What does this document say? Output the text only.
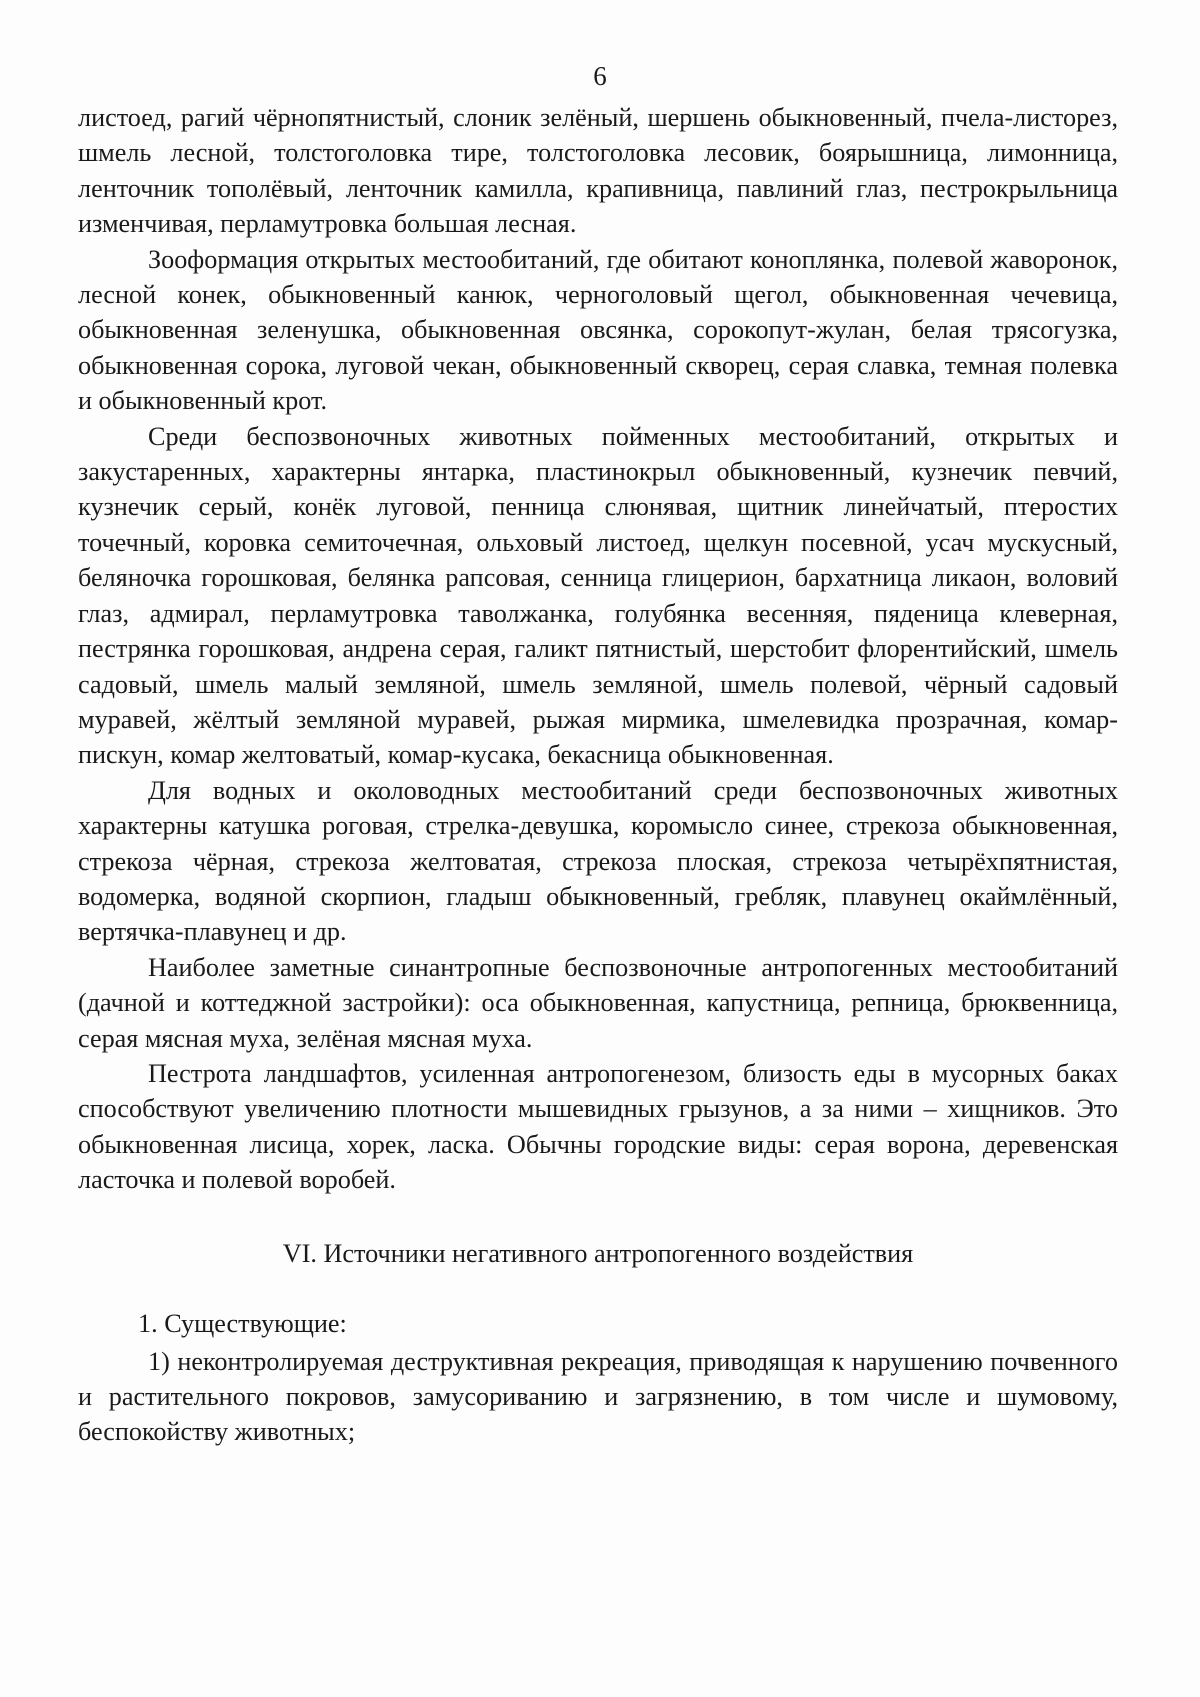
6

листоед, рагий чёрнопятнистый, слоник зелёный, шершень обыкновенный, пчела-листорез, шмель лесной, толстоголовка тире, толстоголовка лесовик, боярышница, лимонница, ленточник тополёвый, ленточник камилла, крапивница, павлиний глаз, пестрокрыльница изменчивая, перламутровка большая лесная.

Зооформация открытых местообитаний, где обитают коноплянка, полевой жаворонок, лесной конек, обыкновенный канюк, черноголовый щегол, обыкновенная чечевица, обыкновенная зеленушка, обыкновенная овсянка, сорокопут-жулан, белая трясогузка, обыкновенная сорока, луговой чекан, обыкновенный скворец, серая славка, темная полевка и обыкновенный крот.

Среди беспозвоночных животных пойменных местообитаний, открытых и закустаренных, характерны янтарка, пластинокрыл обыкновенный, кузнечик певчий, кузнечик серый, конёк луговой, пенница слюнявая, щитник линейчатый, птеростих точечный, коровка семиточечная, ольховый листоед, щелкун посевной, усач мускусный, беляночка горошковая, белянка рапсовая, сенница глицерион, бархатница ликаон, воловий глаз, адмирал, перламутровка таволжанка, голубянка весенняя, пяденица клеверная, пестрянка горошковая, андрена серая, галикт пятнистый, шерстобит флорентийский, шмель садовый, шмель малый земляной, шмель земляной, шмель полевой, чёрный садовый муравей, жёлтый земляной муравей, рыжая мирмика, шмелевидка прозрачная, комар-пискун, комар желтоватый, комар-кусака, бекасница обыкновенная.

Для водных и околоводных местообитаний среди беспозвоночных животных характерны катушка роговая, стрелка-девушка, коромысло синее, стрекоза обыкновенная, стрекоза чёрная, стрекоза желтоватая, стрекоза плоская, стрекоза четырёхпятнистая, водомерка, водяной скорпион, гладыш обыкновенный, гребляк, плавунец окаймлённый, вертячка-плавунец и др.

Наиболее заметные синантропные беспозвоночные антропогенных местообитаний (дачной и коттеджной застройки): оса обыкновенная, капустница, репница, брюквенница, серая мясная муха, зелёная мясная муха.

Пестрота ландшафтов, усиленная антропогенезом, близость еды в мусорных баках способствуют увеличению плотности мышевидных грызунов, а за ними – хищников. Это обыкновенная лисица, хорек, ласка. Обычны городские виды: серая ворона, деревенская ласточка и полевой воробей.

VI. Источники негативного антропогенного воздействия
1. Существующие:

1) неконтролируемая деструктивная рекреация, приводящая к нарушению почвенного и растительного покровов, замусориванию и загрязнению, в том числе и шумовому, беспокойству животных;
